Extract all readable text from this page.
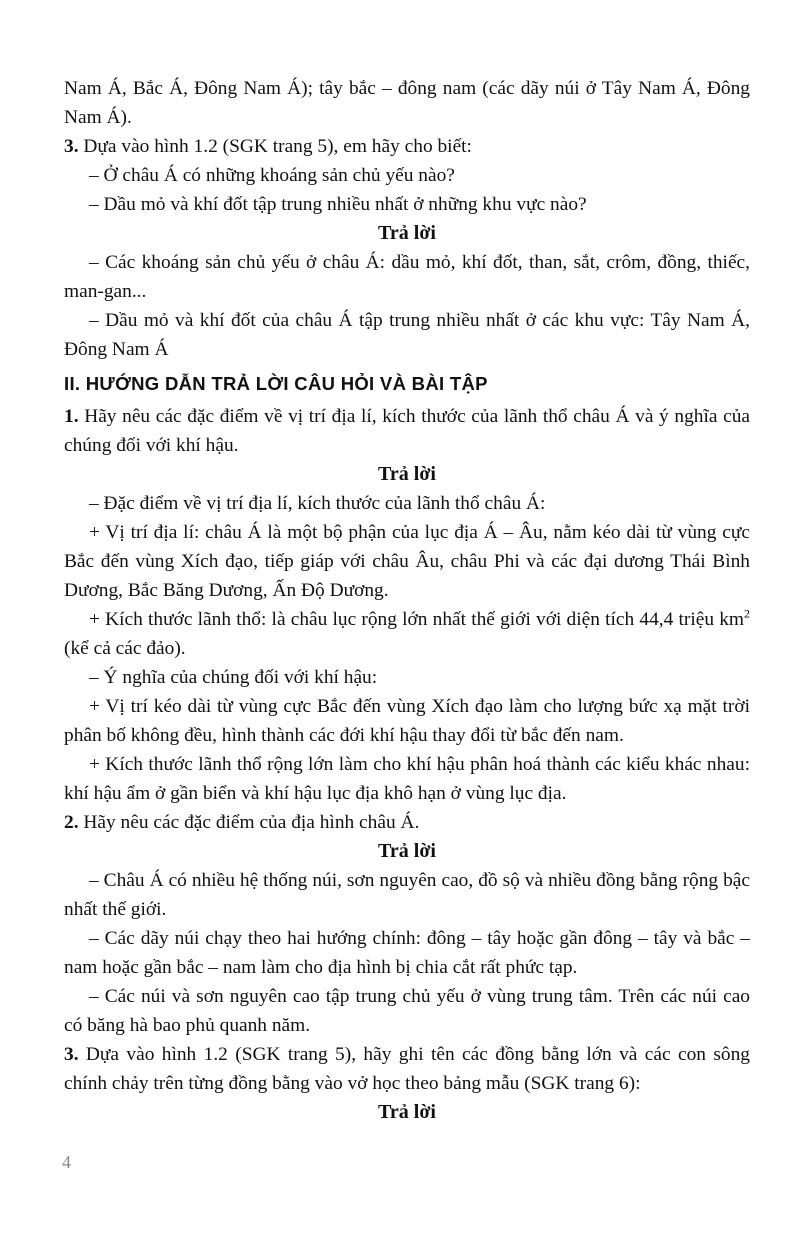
Nam Á, Bắc Á, Đông Nam Á); tây bắc – đông nam (các dãy núi ở Tây Nam Á, Đông Nam Á).

3. Dựa vào hình 1.2 (SGK trang 5), em hãy cho biết:

– Ở châu Á có những khoáng sản chủ yếu nào?

– Dầu mỏ và khí đốt tập trung nhiều nhất ở những khu vực nào?

Trả lời

– Các khoáng sản chủ yếu ở châu Á: dầu mỏ, khí đốt, than, sắt, crôm, đồng, thiếc, man-gan...

– Dầu mỏ và khí đốt của châu Á tập trung nhiều nhất ở các khu vực: Tây Nam Á, Đông Nam Á

II. HƯỚNG DẪN TRẢ LỜI CÂU HỎI VÀ BÀI TẬP

1. Hãy nêu các đặc điểm về vị trí địa lí, kích thước của lãnh thổ châu Á và ý nghĩa của chúng đối với khí hậu.

Trả lời

– Đặc điểm về vị trí địa lí, kích thước của lãnh thổ châu Á:

+ Vị trí địa lí: châu Á là một bộ phận của lục địa Á – Âu, nằm kéo dài từ vùng cực Bắc đến vùng Xích đạo, tiếp giáp với châu Âu, châu Phi và các đại dương Thái Bình Dương, Bắc Băng Dương, Ấn Độ Dương.

+ Kích thước lãnh thổ: là châu lục rộng lớn nhất thế giới với diện tích 44,4 triệu $km^2$ (kể cả các đảo).

– Ý nghĩa của chúng đối với khí hậu:

+ Vị trí kéo dài từ vùng cực Bắc đến vùng Xích đạo làm cho lượng bức xạ mặt trời phân bố không đều, hình thành các đới khí hậu thay đổi từ bắc đến nam.

+ Kích thước lãnh thổ rộng lớn làm cho khí hậu phân hoá thành các kiểu khác nhau: khí hậu ẩm ở gần biển và khí hậu lục địa khô hạn ở vùng lục địa.

2. Hãy nêu các đặc điểm của địa hình châu Á.

Trả lời

– Châu Á có nhiều hệ thống núi, sơn nguyên cao, đồ sộ và nhiều đồng bằng rộng bậc nhất thế giới.

– Các dãy núi chạy theo hai hướng chính: đông – tây hoặc gần đông – tây và bắc – nam hoặc gần bắc – nam làm cho địa hình bị chia cắt rất phức tạp.

– Các núi và sơn nguyên cao tập trung chủ yếu ở vùng trung tâm. Trên các núi cao có băng hà bao phủ quanh năm.

3. Dựa vào hình 1.2 (SGK trang 5), hãy ghi tên các đồng bằng lớn và các con sông chính chảy trên từng đồng bằng vào vở học theo bảng mẫu (SGK trang 6):

Trả lời

4
